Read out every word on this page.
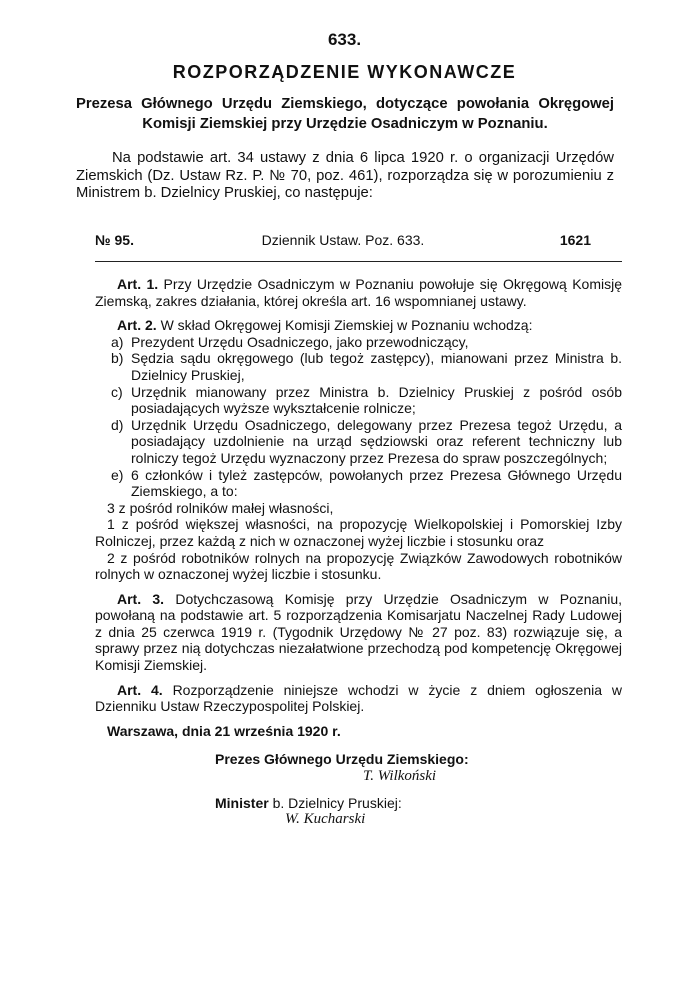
633.
ROZPORZĄDZENIE WYKONAWCZE
Prezesa Głównego Urzędu Ziemskiego, dotyczące powołania Okręgowej Komisji Ziemskiej przy Urzędzie Osadniczym w Poznaniu.
Na podstawie art. 34 ustawy z dnia 6 lipca 1920 r. o organizacji Urzędów Ziemskich (Dz. Ustaw Rz. P. № 70, poz. 461), rozporządza się w porozumieniu z Ministrem b. Dzielnicy Pruskiej, co następuje:
№ 95.	Dziennik Ustaw. Poz. 633.	1621

Art. 1. Przy Urzędzie Osadniczym w Poznaniu powołuje się Okręgową Komisję Ziemską, zakres działania, której określa art. 16 wspomnianej ustawy.

Art. 2. W skład Okręgowej Komisji Ziemskiej w Poznaniu wchodzą:

a) Prezydent Urzędu Osadniczego, jako przewodniczący,
b) Sędzia sądu okręgowego (lub tegoż zastępcy), mianowani przez Ministra b. Dzielnicy Pruskiej,
c) Urzędnik mianowany przez Ministra b. Dzielnicy Pruskiej z pośród osób posiadających wyższe wykształcenie rolnicze;
d) Urzędnik Urzędu Osadniczego, delegowany przez Prezesa tegoż Urzędu, a posiadający uzdolnienie na urząd sędziowski oraz referent techniczny lub rolniczy tegoż Urzędu wyznaczony przez Prezesa do spraw poszczególnych;
e) 6 członków i tyleż zastępców, powołanych przez Prezesa Głównego Urzędu Ziemskiego, a to:

3 z pośród rolników małej własności,

1 z pośród większej własności, na propozycję Wielkopolskiej i Pomorskiej Izby Rolniczej, przez każdą z nich w oznaczonej wyżej liczbie i stosunku oraz

2 z pośród robotników rolnych na propozycję Związków Zawodowych robotników rolnych w oznaczonej wyżej liczbie i stosunku.

Art. 3. Dotychczasową Komisję przy Urzędzie Osadniczym w Poznaniu, powołaną na podstawie art. 5 rozporządzenia Komisarjatu Naczelnej Rady Ludowej z dnia 25 czerwca 1919 r. (Tygodnik Urzędowy № 27 poz. 83) rozwiązuje się, a sprawy przez nią dotychczas niezałatwione przechodzą pod kompetencję Okręgowej Komisji Ziemskiej.

Art. 4. Rozporządzenie niniejsze wchodzi w życie z dniem ogłoszenia w Dzienniku Ustaw Rzeczypospolitej Polskiej.

Warszawa, dnia 21 września 1920 r.
Prezes Głównego Urzędu Ziemskiego:
T. Wilkoński
Minister b. Dzielnicy Pruskiej:
W. Kucharski
